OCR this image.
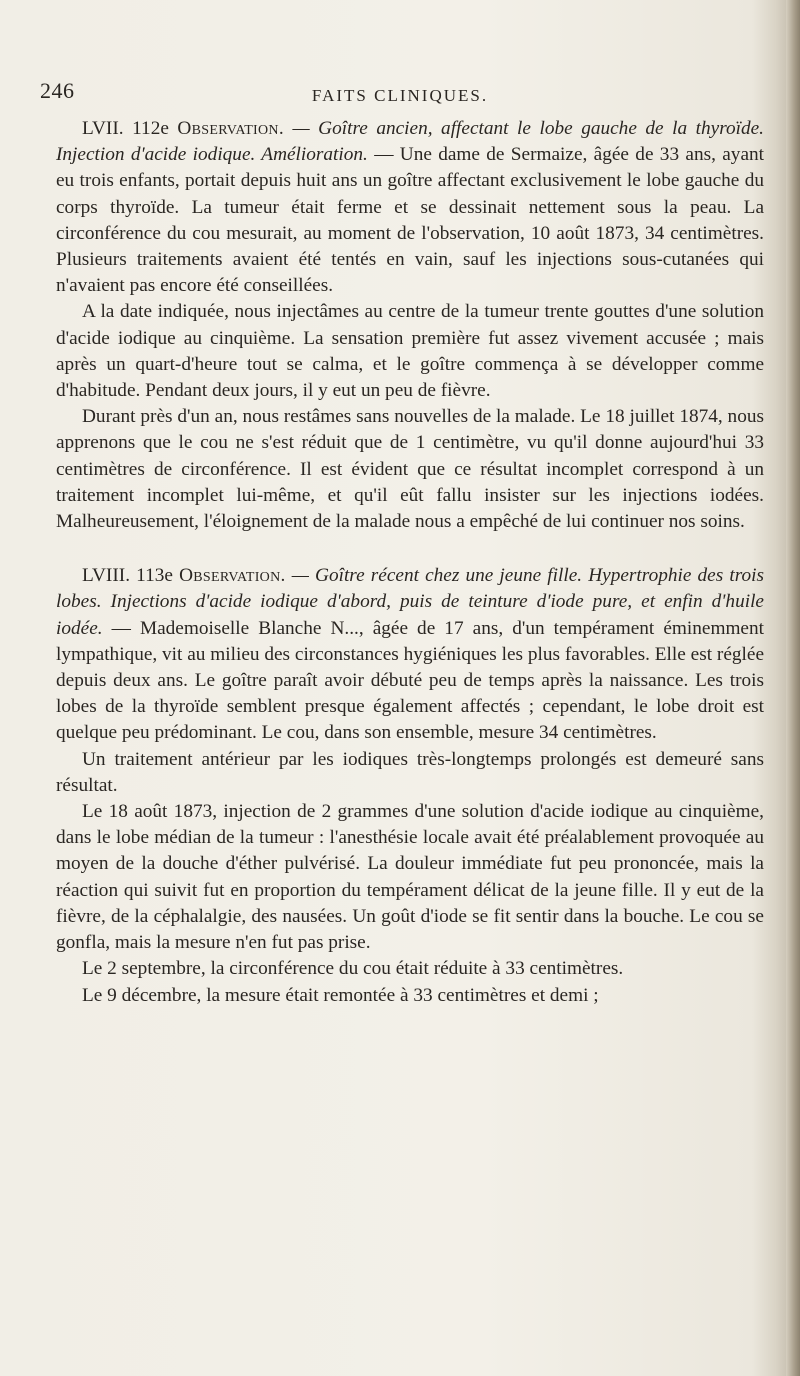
246	FAITS CLINIQUES.

LVII. 112e Observation. — Goître ancien, affectant le lobe gauche de la thyroïde. Injection d'acide iodique. Amélioration. — Une dame de Sermaize, âgée de 33 ans, ayant eu trois enfants, portait depuis huit ans un goître affectant exclusivement le lobe gauche du corps thyroïde. La tumeur était ferme et se dessinait nettement sous la peau. La circonférence du cou mesurait, au moment de l'observation, 10 août 1873, 34 centimètres. Plusieurs traitements avaient été tentés en vain, sauf les injections sous-cutanées qui n'avaient pas encore été conseillées.

A la date indiquée, nous injectâmes au centre de la tumeur trente gouttes d'une solution d'acide iodique au cinquième. La sensation première fut assez vivement accusée ; mais après un quart-d'heure tout se calma, et le goître commença à se développer comme d'habitude. Pendant deux jours, il y eut un peu de fièvre.

Durant près d'un an, nous restâmes sans nouvelles de la malade. Le 18 juillet 1874, nous apprenons que le cou ne s'est réduit que de 1 centimètre, vu qu'il donne aujourd'hui 33 centimètres de circonférence. Il est évident que ce résultat incomplet correspond à un traitement incomplet lui-même, et qu'il eût fallu insister sur les injections iodées. Malheureusement, l'éloignement de la malade nous a empêché de lui continuer nos soins.

LVIII. 113e Observation. — Goître récent chez une jeune fille. Hypertrophie des trois lobes. Injections d'acide iodique d'abord, puis de teinture d'iode pure, et enfin d'huile iodée. — Mademoiselle Blanche N..., âgée de 17 ans, d'un tempérament éminemment lympathique, vit au milieu des circonstances hygiéniques les plus favorables. Elle est réglée depuis deux ans. Le goître paraît avoir débuté peu de temps après la naissance. Les trois lobes de la thyroïde semblent presque également affectés ; cependant, le lobe droit est quelque peu prédominant. Le cou, dans son ensemble, mesure 34 centimètres.

Un traitement antérieur par les iodiques très-longtemps prolongés est demeuré sans résultat.

Le 18 août 1873, injection de 2 grammes d'une solution d'acide iodique au cinquième, dans le lobe médian de la tumeur : l'anesthésie locale avait été préalablement provoquée au moyen de la douche d'éther pulvérisé. La douleur immédiate fut peu prononcée, mais la réaction qui suivit fut en proportion du tempérament délicat de la jeune fille. Il y eut de la fièvre, de la céphalalgie, des nausées. Un goût d'iode se fit sentir dans la bouche. Le cou se gonfla, mais la mesure n'en fut pas prise.

Le 2 septembre, la circonférence du cou était réduite à 33 centimètres.

Le 9 décembre, la mesure était remontée à 33 centimètres et demi ;
